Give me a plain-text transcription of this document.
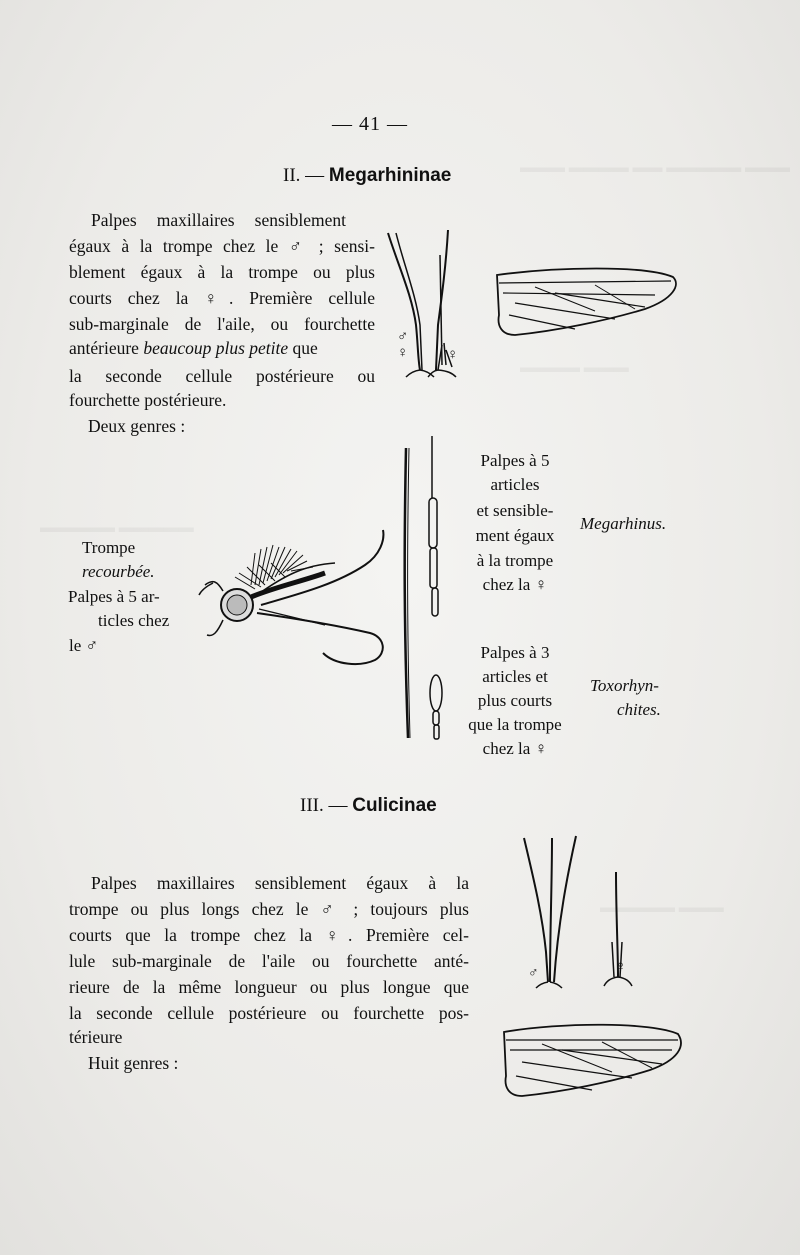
▬▬▬ ▬▬▬▬ ▬▬ ▬▬▬▬▬ ▬▬▬
▬▬▬▬ ▬▬▬
▬▬▬▬▬ ▬▬▬▬▬
▬▬▬▬▬ ▬▬▬
— 41 —
II. — Megarhininae
Palpes maxillaires sensiblement
égaux à la trompe chez le ♂ ; sensi-
blement égaux à la trompe ou plus
courts chez la ♀. Première cellule
sub-marginale de l'aile, ou fourchette
antérieure beaucoup plus petite que
la seconde cellule postérieure ou
fourchette postérieure.
Deux genres :
♂
♀	♀
Trompe
recourbée.
Palpes à 5 ar-
ticles chez
le ♂
Palpes à 5
articles
et sensible-
ment égaux
à la trompe
chez la ♀
Megarhinus.
Palpes à 3
articles et
plus courts
que la trompe
chez la ♀
Toxorhyn-
chites.
III. — Culicinae
Palpes maxillaires sensiblement égaux à la
trompe ou plus longs chez le ♂ ; toujours plus
courts que la trompe chez la ♀. Première cel-
lule sub-marginale de l'aile ou fourchette anté-
rieure de la même longueur ou plus longue que
la seconde cellule postérieure ou fourchette pos-
térieure
Huit genres :
♂	♀
